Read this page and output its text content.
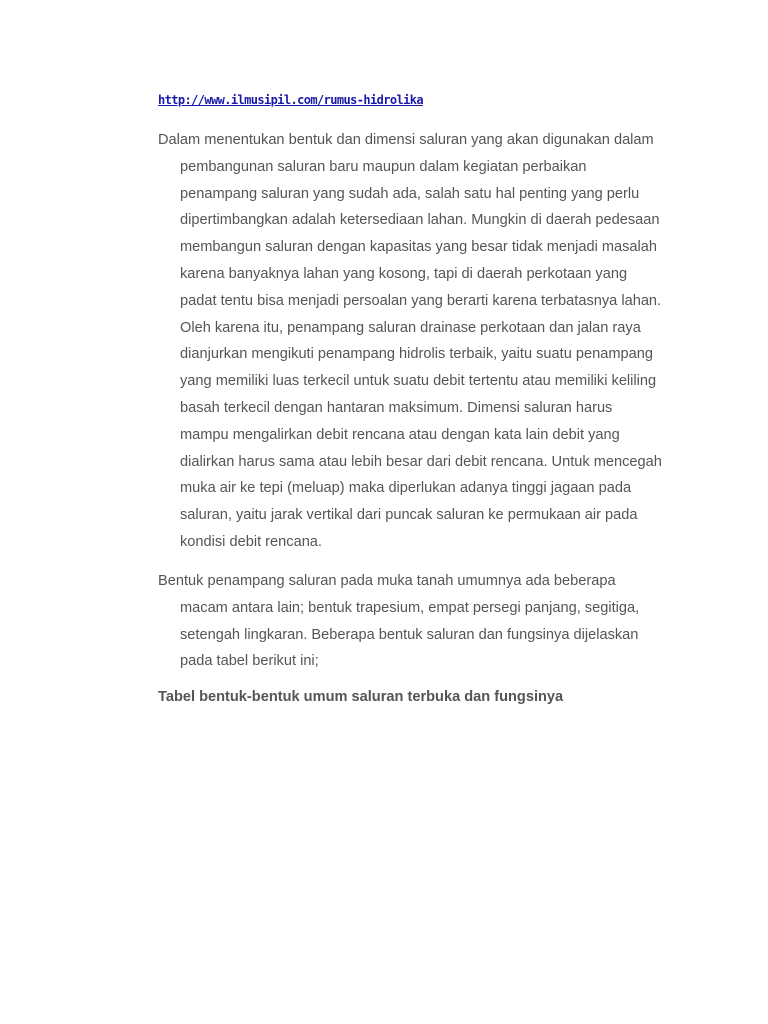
http://www.ilmusipil.com/rumus-hidrolika
Dalam menentukan bentuk dan dimensi saluran yang akan digunakan dalam
pembangunan saluran baru maupun dalam kegiatan perbaikan
penampang saluran yang sudah ada, salah satu hal penting yang perlu
dipertimbangkan adalah ketersediaan lahan. Mungkin di daerah pedesaan
membangun saluran dengan kapasitas yang besar tidak menjadi masalah
karena banyaknya lahan yang kosong, tapi di daerah perkotaan yang
padat tentu bisa menjadi persoalan yang berarti karena terbatasnya lahan.
Oleh karena itu, penampang saluran drainase perkotaan dan jalan raya
dianjurkan mengikuti penampang hidrolis terbaik, yaitu suatu penampang
yang memiliki luas terkecil untuk suatu debit tertentu atau memiliki keliling
basah terkecil dengan hantaran maksimum. Dimensi saluran harus
mampu mengalirkan debit rencana atau dengan kata lain debit yang
dialirkan harus sama atau lebih besar dari debit rencana. Untuk mencegah
muka air ke tepi (meluap) maka diperlukan adanya tinggi jagaan pada
saluran, yaitu jarak vertikal dari puncak saluran ke permukaan air pada
kondisi debit rencana.
Bentuk penampang saluran pada muka tanah umumnya ada beberapa
macam antara lain; bentuk trapesium, empat persegi panjang, segitiga,
setengah lingkaran. Beberapa bentuk saluran dan fungsinya dijelaskan
pada tabel berikut ini;
Tabel bentuk-bentuk umum saluran terbuka dan fungsinya
